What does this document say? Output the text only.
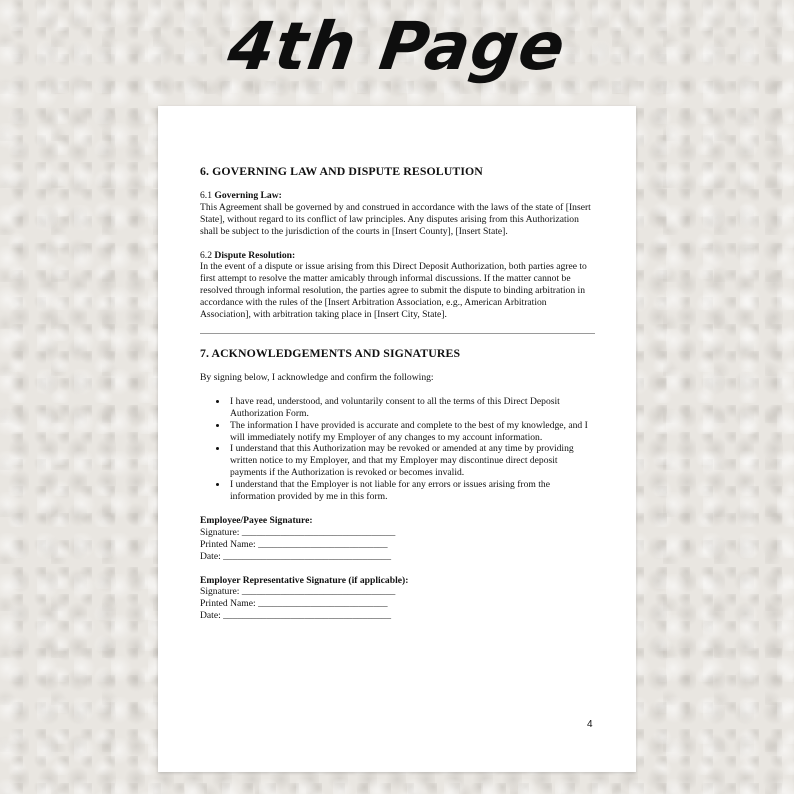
4th Page
6. GOVERNING LAW AND DISPUTE RESOLUTION
6.1 Governing Law:
This Agreement shall be governed by and construed in accordance with the laws of the state of [Insert State], without regard to its conflict of law principles. Any disputes arising from this Authorization shall be subject to the jurisdiction of the courts in [Insert County], [Insert State].
6.2 Dispute Resolution:
In the event of a dispute or issue arising from this Direct Deposit Authorization, both parties agree to first attempt to resolve the matter amicably through informal discussions. If the matter cannot be resolved through informal resolution, the parties agree to submit the dispute to binding arbitration in accordance with the rules of the [Insert Arbitration Association, e.g., American Arbitration Association], with arbitration taking place in [Insert City, State].
7. ACKNOWLEDGEMENTS AND SIGNATURES
By signing below, I acknowledge and confirm the following:
• I have read, understood, and voluntarily consent to all the terms of this Direct Deposit Authorization Form.
• The information I have provided is accurate and complete to the best of my knowledge, and I will immediately notify my Employer of any changes to my account information.
• I understand that this Authorization may be revoked or amended at any time by providing written notice to my Employer, and that my Employer may discontinue direct deposit payments if the Authorization is revoked or becomes invalid.
• I understand that the Employer is not liable for any errors or issues arising from the information provided by me in this form.
Employee/Payee Signature:
Signature: ________________________________
Printed Name: ___________________________
Date: ___________________________________
Employer Representative Signature (if applicable):
Signature: ________________________________
Printed Name: ___________________________
Date: ___________________________________
4
